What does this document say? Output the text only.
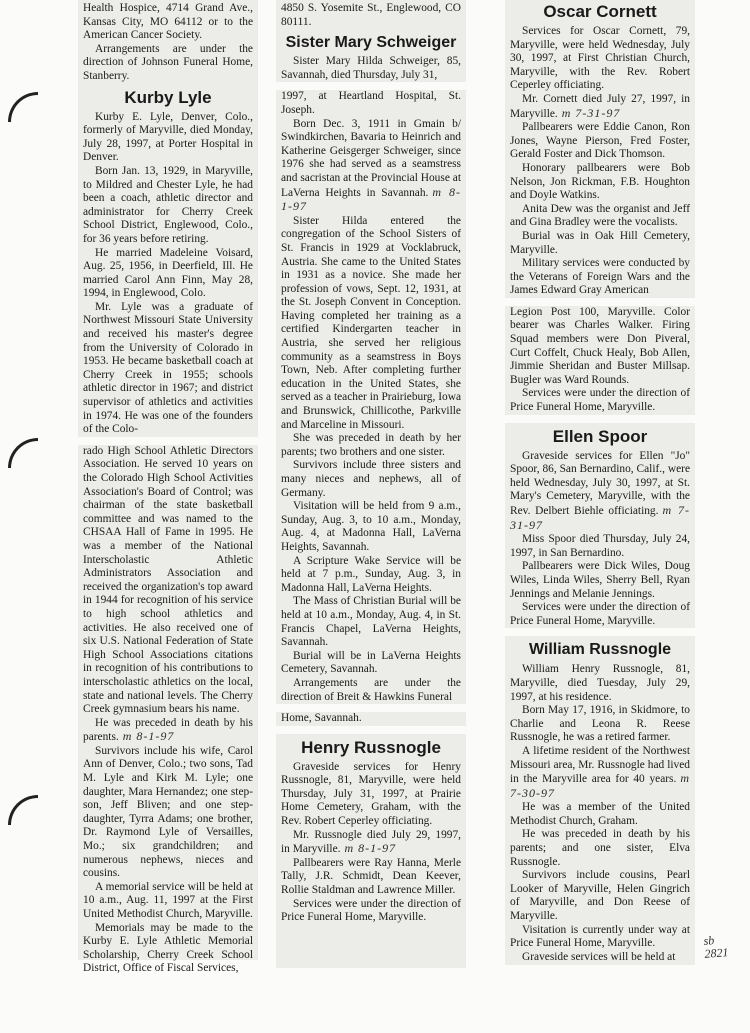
Health Hospice, 4714 Grand Ave., Kansas City, MO 64112 or to the American Cancer Society.

Arrangements are under the direction of Johnson Funeral Home, Stanberry.

Kurby Lyle

Kurby E. Lyle, Denver, Colo., formerly of Maryville, died Monday, July 28, 1997, at Porter Hospital in Denver.

Born Jan. 13, 1929, in Maryville, to Mildred and Chester Lyle, he had been a coach, athletic director and administrator for Cherry Creek School District, Englewood, Colo., for 36 years before retiring.

He married Madeleine Voisard, Aug. 25, 1956, in Deerfield, Ill. He married Carol Ann Finn, May 28, 1994, in Englewood, Colo.

Mr. Lyle was a graduate of Northwest Missouri State University and received his master's degree from the University of Colorado in 1953. He became basketball coach at Cherry Creek in 1955; schools athletic director in 1967; and district supervisor of athletics and activities in 1974. He was one of the founders of the Colo-

rado High School Athletic Directors Association. He served 10 years on the Colorado High School Activities Association's Board of Control; was chairman of the state basketball committee and was named to the CHSAA Hall of Fame in 1995. He was a member of the National Interscholastic Athletic Administrators Association and received the organization's top award in 1944 for recognition of his service to high school athletics and activities. He also received one of six U.S. National Federation of State High School Associations citations in recognition of his contributions to interscholastic athletics on the local, state and national levels. The Cherry Creek gymnasium bears his name.

He was preceded in death by his parents. m 8-1-97

Survivors include his wife, Carol Ann of Denver, Colo.; two sons, Tad M. Lyle and Kirk M. Lyle; one daughter, Mara Hernandez; one step-son, Jeff Bliven; and one step-daughter, Tyrra Adams; one brother, Dr. Raymond Lyle of Versailles, Mo.; six grandchildren; and numerous nephews, nieces and cousins.

A memorial service will be held at 10 a.m., Aug. 11, 1997 at the First United Methodist Church, Maryville.

Memorials may be made to the Kurby E. Lyle Athletic Memorial Scholarship, Cherry Creek School District, Office of Fiscal Services,

4850 S. Yosemite St., Englewood, CO 80111.

Sister Mary Schweiger

Sister Mary Hilda Schweiger, 85, Savannah, died Thursday, July 31,

1997, at Heartland Hospital, St. Joseph.

Born Dec. 3, 1911 in Gmain b/ Swindkirchen, Bavaria to Heinrich and Katherine Geisgerger Schweiger, since 1976 she had served as a seamstress and sacristan at the Provincial House at LaVerna Heights in Savannah. m 8-1-97

Sister Hilda entered the congregation of the School Sisters of St. Francis in 1929 at Vocklabruck, Austria. She came to the United States in 1931 as a novice. She made her profession of vows, Sept. 12, 1931, at the St. Joseph Convent in Conception. Having completed her training as a certified Kindergarten teacher in Austria, she served her religious community as a seamstress in Boys Town, Neb. After completing further education in the United States, she served as a teacher in Prairieburg, Iowa and Brunswick, Chillicothe, Parkville and Marceline in Missouri.

She was preceded in death by her parents; two brothers and one sister.

Survivors include three sisters and many nieces and nephews, all of Germany.

Visitation will be held from 9 a.m., Sunday, Aug. 3, to 10 a.m., Monday, Aug. 4, at Madonna Hall, LaVerna Heights, Savannah.

A Scripture Wake Service will be held at 7 p.m., Sunday, Aug. 3, in Madonna Hall, LaVerna Heights.

The Mass of Christian Burial will be held at 10 a.m., Monday, Aug. 4, in St. Francis Chapel, LaVerna Heights, Savannah.

Burial will be in LaVerna Heights Cemetery, Savannah.

Arrangements are under the direction of Breit & Hawkins Funeral

Home, Savannah.

Henry Russnogle

Graveside services for Henry Russnogle, 81, Maryville, were held Thursday, July 31, 1997, at Prairie Home Cemetery, Graham, with the Rev. Robert Ceperley officiating.

Mr. Russnogle died July 29, 1997, in Maryville. m 8-1-97

Pallbearers were Ray Hanna, Merle Tally, J.R. Schmidt, Dean Keever, Rollie Staldman and Lawrence Miller.

Services were under the direction of Price Funeral Home, Maryville.

Oscar Cornett

Services for Oscar Cornett, 79, Maryville, were held Wednesday, July 30, 1997, at First Christian Church, Maryville, with the Rev. Robert Ceperley officiating.

Mr. Cornett died July 27, 1997, in Maryville. m 7-31-97

Pallbearers were Eddie Canon, Ron Jones, Wayne Pierson, Fred Foster, Gerald Foster and Dick Thomson.

Honorary pallbearers were Bob Nelson, Jon Rickman, F.B. Houghton and Doyle Watkins.

Anita Dew was the organist and Jeff and Gina Bradley were the vocalists.

Burial was in Oak Hill Cemetery, Maryville.

Military services were conducted by the Veterans of Foreign Wars and the James Edward Gray American

Legion Post 100, Maryville. Color bearer was Charles Walker. Firing Squad members were Don Piveral, Curt Coffelt, Chuck Healy, Bob Allen, Jimmie Sheridan and Buster Millsap. Bugler was Ward Rounds.

Services were under the direction of Price Funeral Home, Maryville.

Ellen Spoor

Graveside services for Ellen "Jo" Spoor, 86, San Bernardino, Calif., were held Wednesday, July 30, 1997, at St. Mary's Cemetery, Maryville, with the Rev. Delbert Biehle officiating. m 7-31-97

Miss Spoor died Thursday, July 24, 1997, in San Bernardino.

Pallbearers were Dick Wiles, Doug Wiles, Linda Wiles, Sherry Bell, Ryan Jennings and Melanie Jennings.

Services were under the direction of Price Funeral Home, Maryville.

William Russnogle

William Henry Russnogle, 81, Maryville, died Tuesday, July 29, 1997, at his residence.

Born May 17, 1916, in Skidmore, to Charlie and Leona R. Reese Russnogle, he was a retired farmer.

A lifetime resident of the Northwest Missouri area, Mr. Russnogle had lived in the Maryville area for 40 years. m 7-30-97

He was a member of the United Methodist Church, Graham.

He was preceded in death by his parents; and one sister, Elva Russnogle.

Survivors include cousins, Pearl Looker of Maryville, Helen Gingrich of Maryville, and Don Reese of Maryville.

Visitation is currently under way at Price Funeral Home, Maryville.

Graveside services will be held at

sb
2821
